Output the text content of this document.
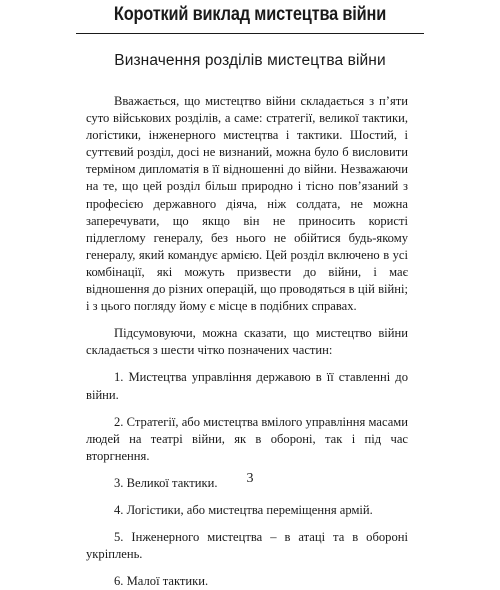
Короткий виклад мистецтва війни
Визначення розділів мистецтва війни

Вважається, що мистецтво війни складається з п’яти суто військових розділів, а саме: стратегії, великої тактики, логістики, інженерного мистецтва і тактики. Шостий, і суттєвий розділ, досі не визнаний, можна було б висловити терміном дипломатія в її відношенні до війни. Незважаючи на те, що цей розділ більш природно і тісно пов’язаний з професією державного діяча, ніж солдата, не можна заперечувати, що якщо він не приносить користі підлеглому генералу, без нього не обійтися будь-якому генералу, який командує армією. Цей розділ включено в усі комбінації, які можуть призвести до війни, і має відношення до різних операцій, що проводяться в цій війні; і з цього погляду йому є місце в подібних справах.

Підсумовуючи, можна сказати, що мистецтво війни складається з шести чітко позначених частин:

1. Мистецтва управління державою в її ставленні до війни.

2. Стратегії, або мистецтва вмілого управління масами людей на театрі війни, як в обороні, так і під час вторгнення.

3. Великої тактики.

4. Логістики, або мистецтва переміщення армій.

5. Інженерного мистецтва – в атаці та в обороні укріплень.

6. Малої тактики.

3
